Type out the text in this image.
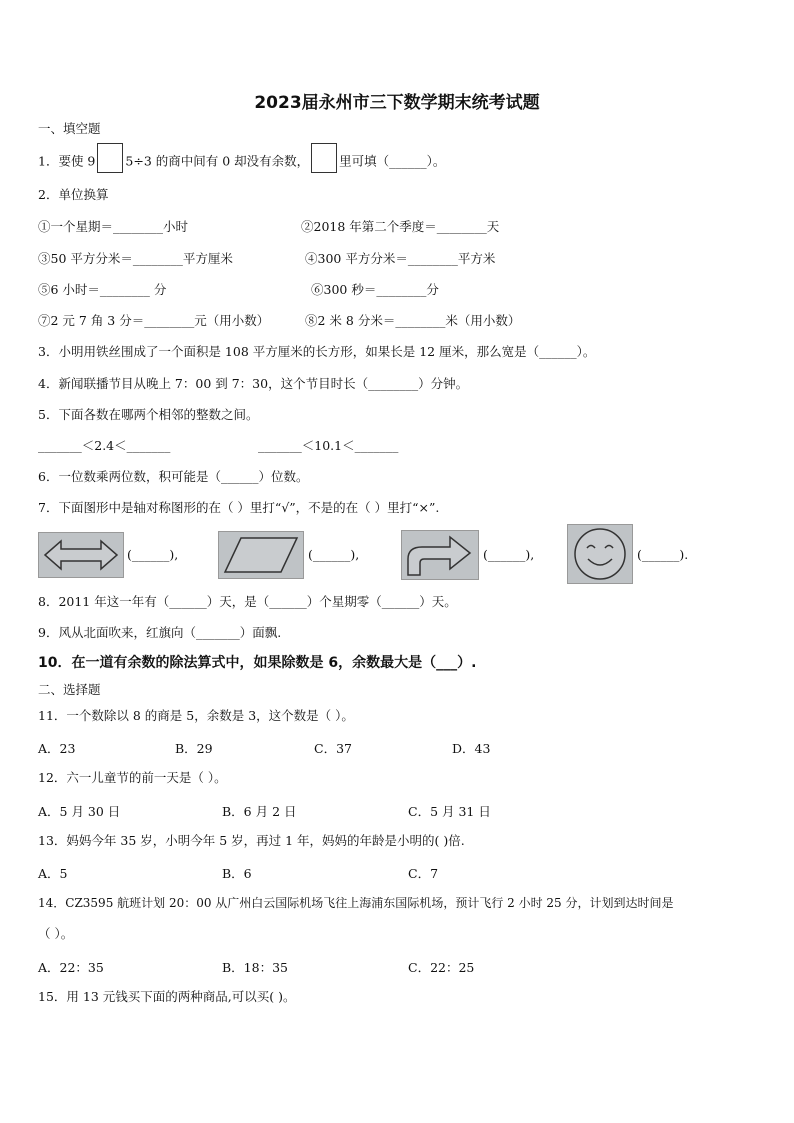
2023届永州市三下数学期末统考试题
一、填空题
1．要使 9 5÷3 的商中间有 0 却没有余数， 里可填（______）。
2．单位换算
①一个星期＝________小时	②2018 年第二个季度＝________天
③50 平方分米＝________平方厘米	④300 平方分米＝________平方米
⑤6 小时＝________ 分	⑥300 秒＝________分
⑦2 元 7 角 3 分＝________元（用小数）	⑧2 米 8 分米＝________米（用小数）
3．小明用铁丝围成了一个面积是 108 平方厘米的长方形，如果长是 12 厘米，那么宽是（______）。
4．新闻联播节目从晚上 7：00 到 7：30，这个节目时长（________）分钟。
5．下面各数在哪两个相邻的整数之间。
_______＜2.4＜_______	_______＜10.1＜_______
6．一位数乘两位数，积可能是（______）位数。
7．下面图形中是轴对称图形的在（ ）里打“√”，不是的在（ ）里打“×”.
(______),	(______),	(______),	(______).
8．2011 年这一年有（______）天，是（______）个星期零（______）天。
9．风从北面吹来，红旗向（_______）面飘.
10．在一道有余数的除法算式中，如果除数是 6，余数最大是（___）.
二、选择题
11．一个数除以 8 的商是 5，余数是 3，这个数是（ ）。
A．23	B．29	C．37	D．43
12．六一儿童节的前一天是（ ）。
A．5 月 30 日	B．6 月 2 日	C．5 月 31 日
13．妈妈今年 35 岁，小明今年 5 岁，再过 1 年，妈妈的年龄是小明的( )倍.
A．5	B．6	C．7
14．CZ3595 航班计划 20：00 从广州白云国际机场飞往上海浦东国际机场，预计飞行 2 小时 25 分，计划到达时间是
（ ）。
A．22：35	B．18：35	C．22：25
15．用 13 元钱买下面的两种商品,可以买( )。
